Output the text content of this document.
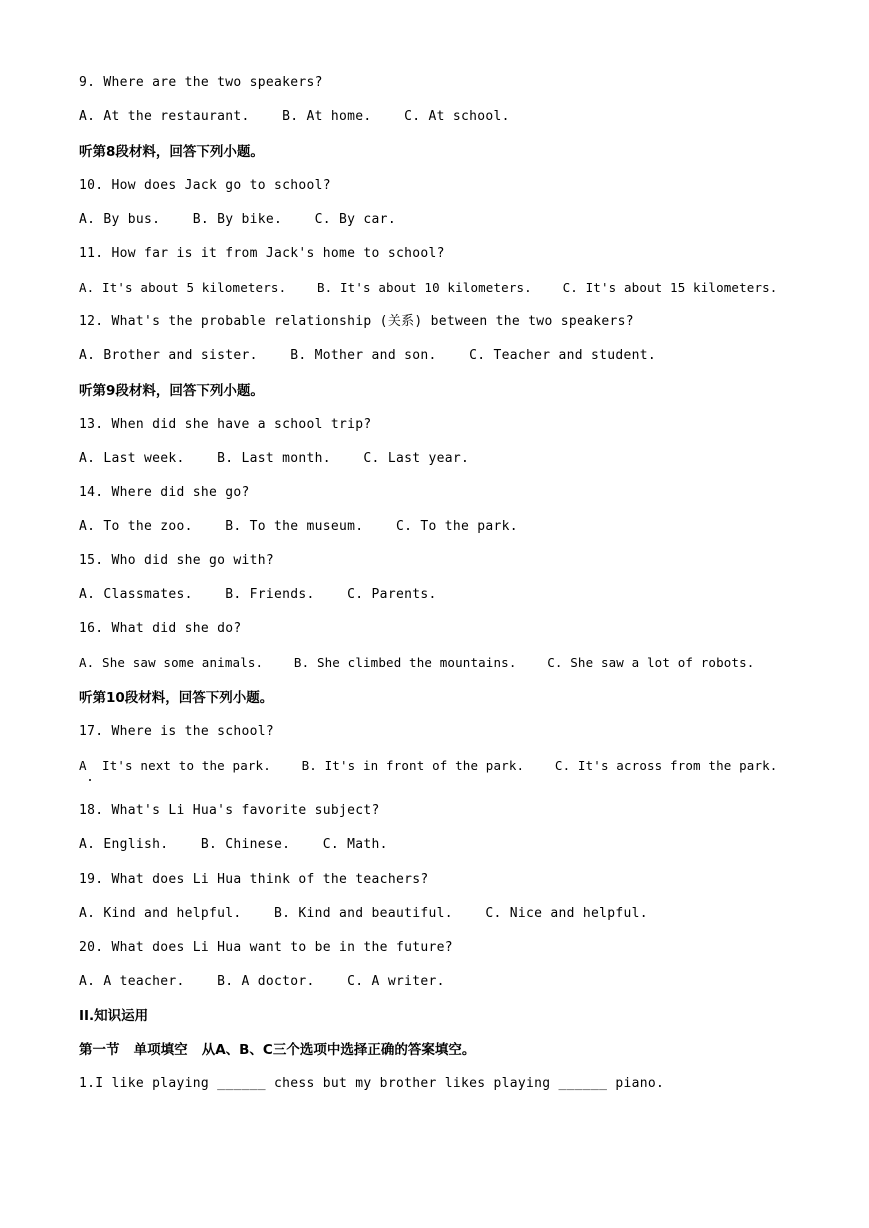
9. Where are the two speakers?
A. At the restaurant.    B. At home.    C. At school.
听第8段材料，回答下列小题。
10. How does Jack go to school?
A. By bus.    B. By bike.    C. By car.
11. How far is it from Jack's home to school?
A. It's about 5 kilometers.    B. It's about 10 kilometers.    C. It's about 15 kilometers.
12. What's the probable relationship (关系) between the two speakers?
A. Brother and sister.    B. Mother and son.    C. Teacher and student.
听第9段材料，回答下列小题。
13. When did she have a school trip?
A. Last week.    B. Last month.    C. Last year.
14. Where did she go?
A. To the zoo.    B. To the museum.    C. To the park.
15. Who did she go with?
A. Classmates.    B. Friends.    C. Parents.
16. What did she do?
A. She saw some animals.    B. She climbed the mountains.    C. She saw a lot of robots.
听第10段材料，回答下列小题。
17. Where is the school?
A  It's next to the park.    B. It's in front of the park.    C. It's across from the park.
18. What's Li Hua's favorite subject?
A. English.    B. Chinese.    C. Math.
19. What does Li Hua think of the teachers?
A. Kind and helpful.    B. Kind and beautiful.    C. Nice and helpful.
20. What does Li Hua want to be in the future?
A. A teacher.    B. A doctor.    C. A writer.
II.知识运用
第一节   单项填空   从A、B、C三个选项中选择正确的答案填空。
1.I like playing ______ chess but my brother likes playing ______ piano.
